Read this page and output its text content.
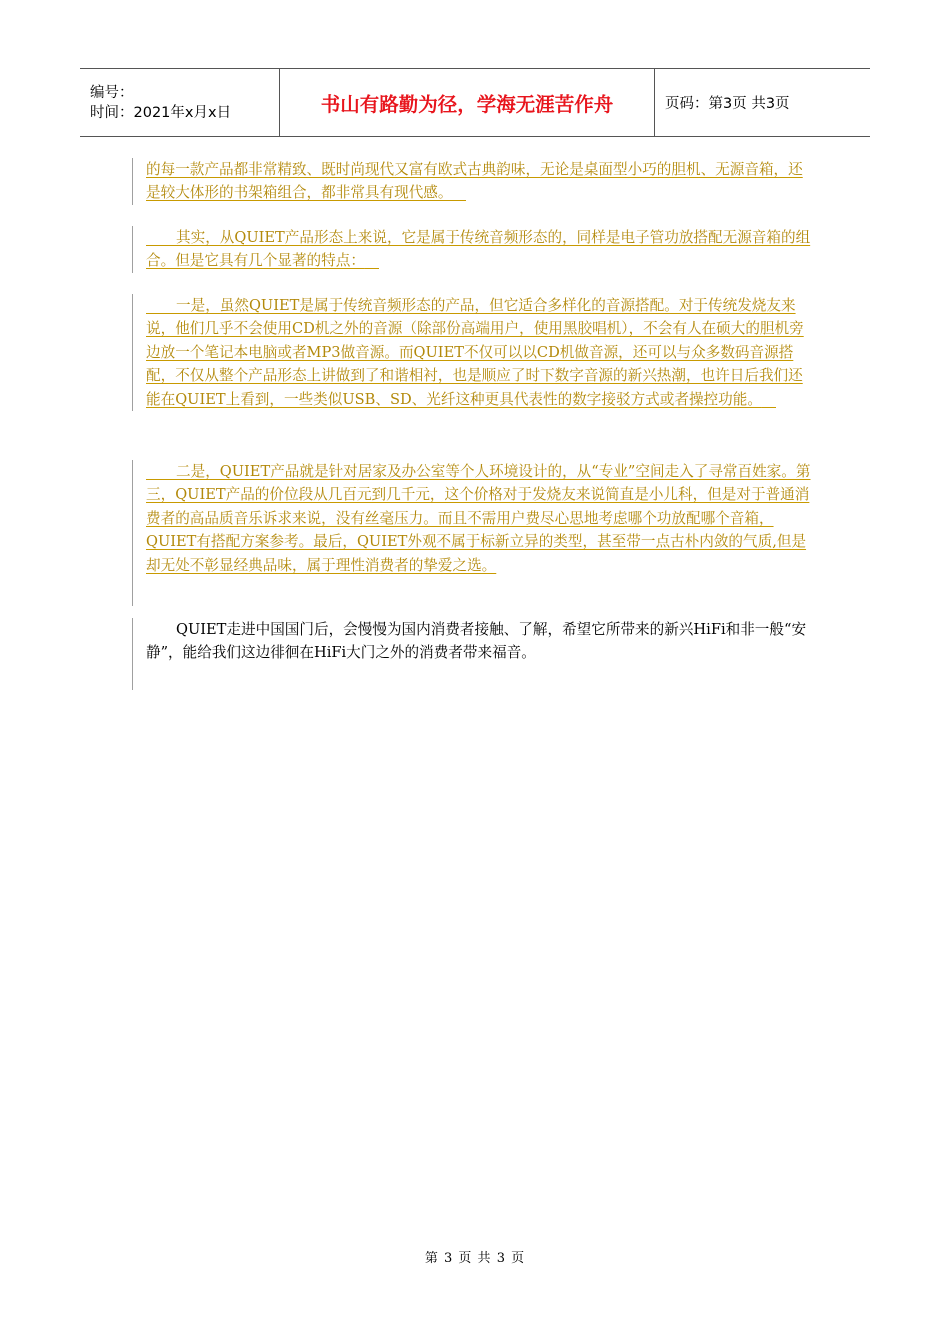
编号：
时间：2021年x月x日	书山有路勤为径，学海无涯苦作舟	页码：第3页 共3页
的每一款产品都非常精致、既时尚现代又富有欧式古典韵味，无论是桌面型小巧的胆机、无源音箱，还是较大体形的书架箱组合，都非常具有现代感。
其实，从QUIET产品形态上来说，它是属于传统音频形态的，同样是电子管功放搭配无源音箱的组合。但是它具有几个显著的特点：
一是，虽然QUIET是属于传统音频形态的产品，但它适合多样化的音源搭配。对于传统发烧友来说，他们几乎不会使用CD机之外的音源（除部份高端用户，使用黑胶唱机），不会有人在硕大的胆机旁边放一个笔记本电脑或者MP3做音源。而QUIET不仅可以以CD机做音源，还可以与众多数码音源搭配，不仅从整个产品形态上讲做到了和谐相衬，也是顺应了时下数字音源的新兴热潮，也许日后我们还能在QUIET上看到，一些类似USB、SD、光纤这种更具代表性的数字接驳方式或者操控功能。
二是，QUIET产品就是针对居家及办公室等个人环境设计的，从“专业”空间走入了寻常百姓家。第三，QUIET产品的价位段从几百元到几千元，这个价格对于发烧友来说简直是小儿科，但是对于普通消费者的高品质音乐诉求来说，没有丝毫压力。而且不需用户费尽心思地考虑哪个功放配哪个音箱，QUIET有搭配方案参考。最后，QUIET外观不属于标新立异的类型，甚至带一点古朴内敛的气质,但是却无处不彰显经典品味，属于理性消费者的挚爱之选。
QUIET走进中国国门后，会慢慢为国内消费者接触、了解，希望它所带来的新兴HiFi和非一般“安静”，能给我们这边徘徊在HiFi大门之外的消费者带来福音。
第 3 页 共 3 页
